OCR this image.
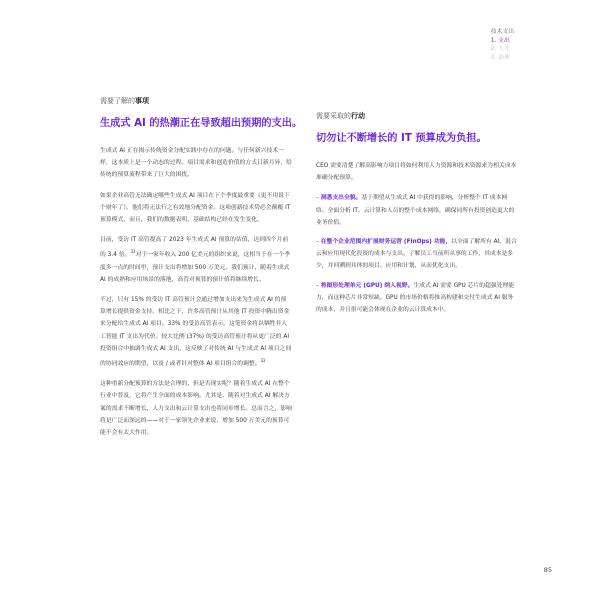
技术支出
1. 支出
2. 人才
3. 治理
需要了解的事项
生成式 AI 的热潮正在导致超出预期的支出。

生成式 AI 正在揭示传统资金分配实践中存在的问题。与任何新兴技术一样，这本质上是一个动态的过程。项目需求和创造价值的方式日新月异，给传统的预算流程带来了巨大的困扰。

如果企业高管无法确定哪些生成式 AI 项目在下个季度最重要（更不用说下个财年了），他们将无法行之有效地分配资金。这项创新技术势必会颠覆 IT 预算模式，而且，我们的数据表明，基础结构已经在发生变化。

目前，受访 IT 高管提高了 2023 年生成式 AI 预算的估值，达到四个月前的 3.4 倍。$^{31}$对于一家年收入 200 亿美元的组织来说，这相当于在一个季度多一点的时间里，预计支出将增加 500 万美元。我们预计，随着生成式 AI 的成熟和应用场景的落地，高管对预算的预计值将继续增长。

不过，只有 15% 的受访 IT 高管预计会通过增加支出来为生成式 AI 的预算增长提供资金支持。相比之下，许多高管预计从其他 IT 投资中腾出资金来分配给生成式 AI 项目。33% 的受访高管表示，这笔资金将以牺牲非人工智能 IT 支出为代价。较大比例 (37%) 的受访高管预计将从更广泛的 AI 投资组合中抽调生成式 AI 支出，这反映了对传统 AI 与生成式 AI 项目之间的协同效应的期望，以及 / 或者针对整体 AI 项目组合的调整。$^{32}$

这种重新分配预算的方法是合理的，但是否现实呢？随着生成式 AI 在整个行业中普及，它将产生全面的成本影响。尤其是，随着对生成式 AI 解决方案的需求不断增长，人力支出和云计算支出也将同步增长。总而言之，影响将是广泛而深远的——对于一家领先企业来说，增加 500 万美元的预算可能不会有太大作用。

需要采取的行动
切勿让不断增长的 IT 预算成为负担。

CEO 需要清楚了解高影响力项目将如何利用人力资源和技术资源来为相关成本准确分配预算。

– 洞悉支出全貌。基于期望从生成式 AI 中获得的影响，分析整个 IT 成本网络。全面分析 IT、云计算和人员的整个成本网络，确保同所有投资创造更大的业务价值。
– 在整个企业范围内扩展财务运营 (FinOps) 功能，以全面了解所有 AI、混合云和应用现代化投资的成本与支出。了解员工当前所从事的工作，其成本是多少，并回溯到具体的项目、应用和计划，从而优化支出。
– 将图形处理单元 (GPU) 纳入视野。生成式 AI 需要 GPU 芯片的超强处理能力，而这种芯片非常短缺。GPU 的市场价格将推高构建和交付生成式 AI 服务的成本，并且很可能会体现在企业的云计算成本中。
85
